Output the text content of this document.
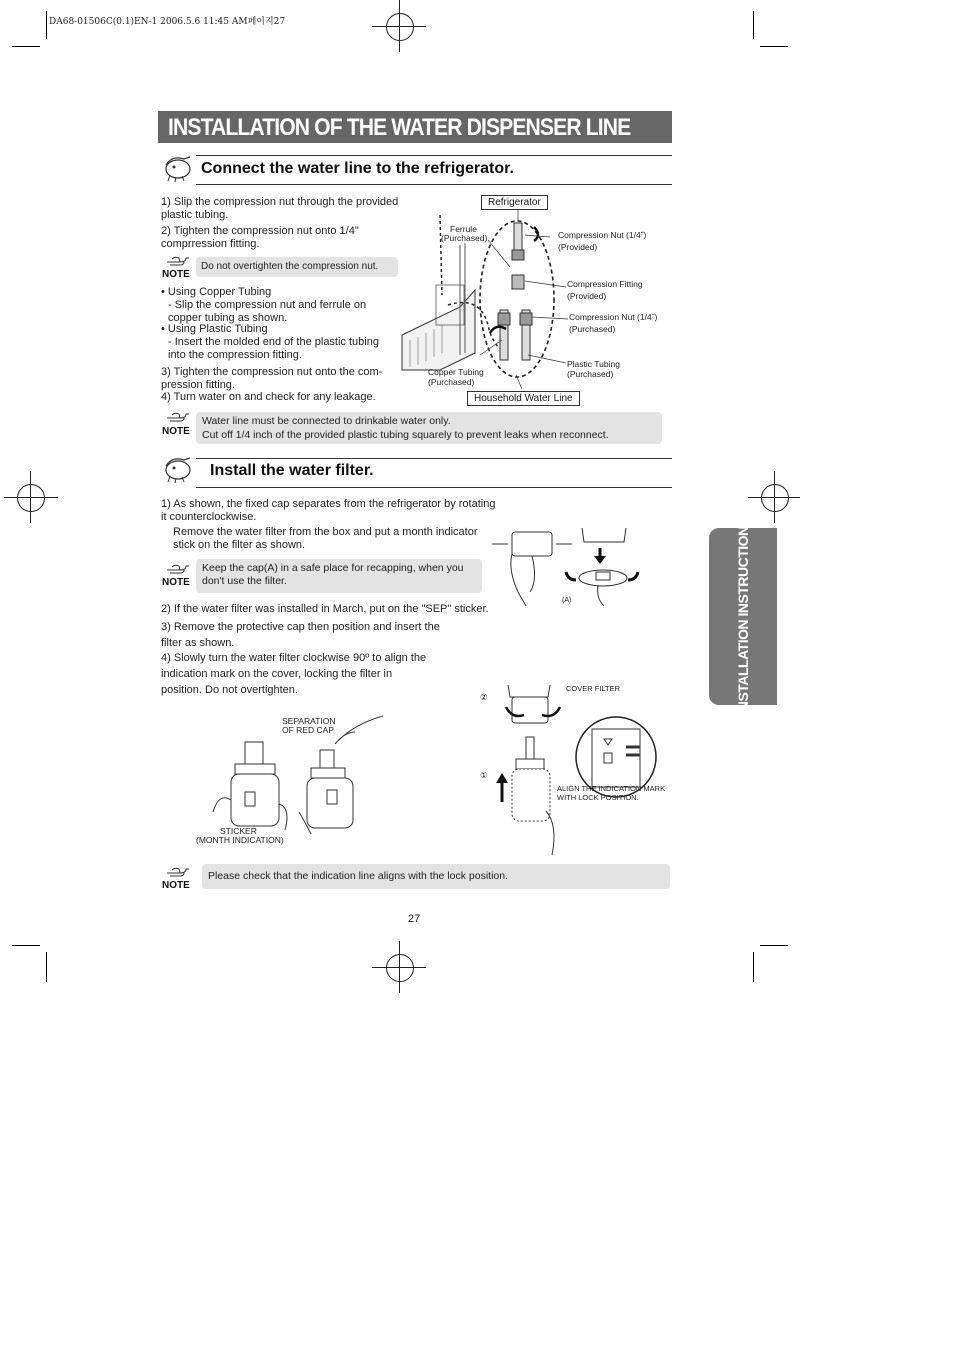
DA68-01506C(0.1)EN-1 2006.5.6 11:45 AM페이지27
INSTALLATION OF THE WATER DISPENSER LINE
INSTALLATION INSTRUCTIONS
Connect the water line to the refrigerator.
1) Slip the compression nut through the provided plastic tubing.
2) Tighten the compression nut onto 1/4" comprression fitting.
NOTE
Do not overtighten the compression nut.
• Using Copper Tubing
- Slip the compression nut and ferrule on copper tubing as shown.
• Using Plastic Tubing
- Insert the molded end of the plastic tubing into the compression fitting.
3) Tighten the compression nut onto the com- pression fitting.
4) Turn water on and check for any leakage.
Refrigerator
Ferrule
(Purchased)	Compression Nut (1/4˝)
(Provided)
Compression Fitting
(Provided)
Compression Nut (1/4˝)
(Purchased)
Plastic Tubing
(Purchased)
Copper Tubing
(Purchased)
Household Water Line
NOTE
Water line must be connected to drinkable water only.
Cut off 1/4 inch of the provided plastic tubing squarely to prevent leaks when reconnect.
Install the water filter.
1) As shown, the fixed cap separates from the refrigerator by rotating it counterclockwise.
Remove the water filter from the box and put a month indicator stick on the filter as shown.
NOTE
Keep the cap(A) in a safe place for recapping, when you don't use the filter.
2) If the water filter was installed in March, put on the "SEP" sticker.
3) Remove the protective cap then position and insert the filter as shown.
4) Slowly turn the water filter clockwise 90º to align the indication mark on the cover, locking the filter in position. Do not overtighten.
(A)
SEPARATION
OF RED CAP
STICKER
(MONTH INDICATION)
②
①
COVER FILTER
ALIGN THE INDICATION MARK
WITH LOCK POSITION.
NOTE
Please check that the indication line aligns with the lock position.
27
